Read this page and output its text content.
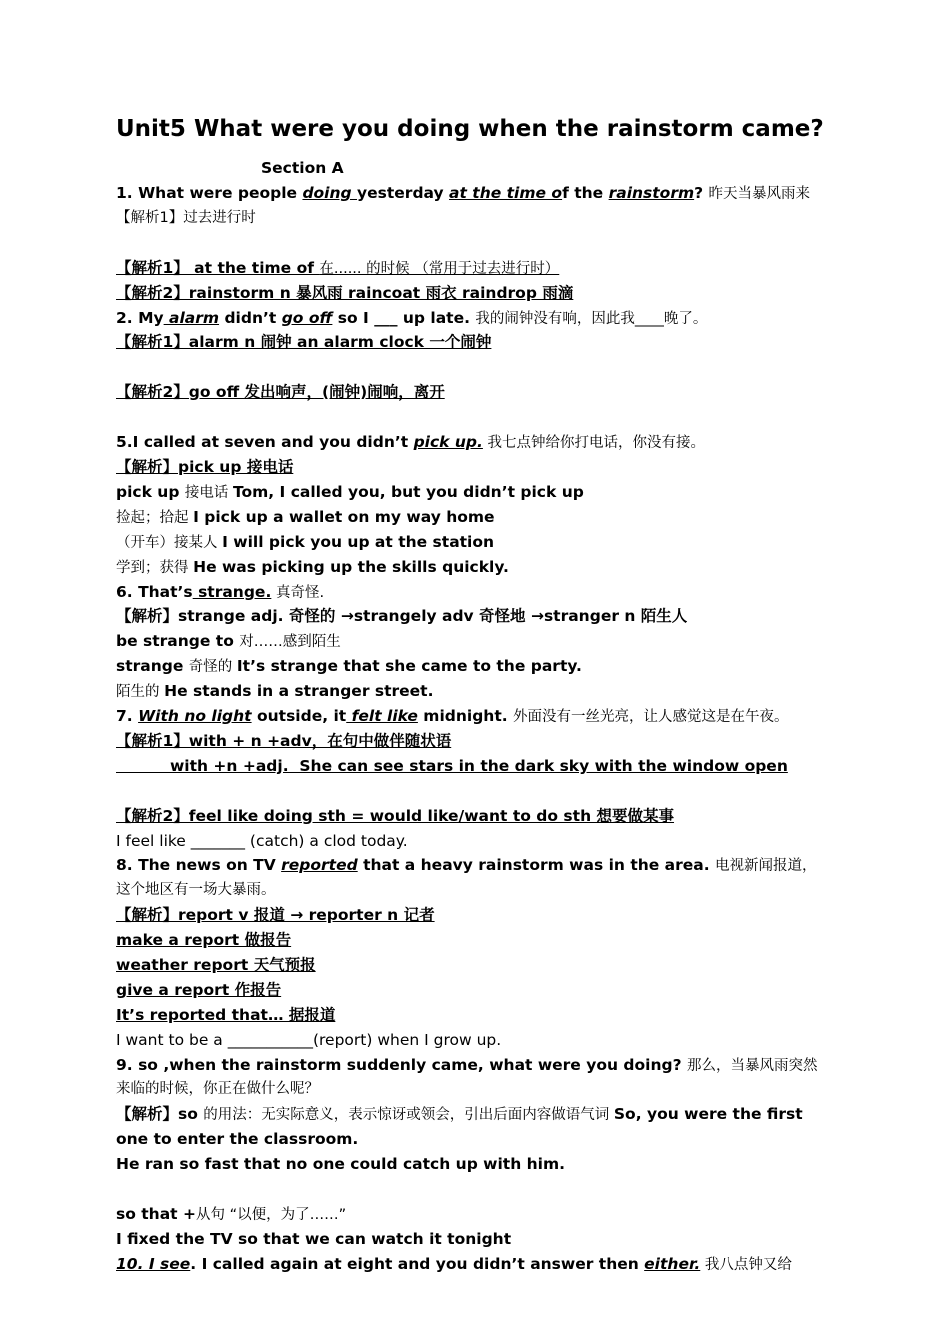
Unit5 What were you doing when the rainstorm came?
Section A
1. What were people doing yesterday at the time of the rainstorm? 昨天当暴风雨来
【解析1】过去进行时
【解析1】 at the time of 在...... 的时候 （常用于过去进行时）
【解析2】rainstorm n 暴风雨 raincoat 雨衣 raindrop 雨滴
2. My alarm didn’t go off so I ___ up late. 我的闹钟没有响，因此我____晚了。
【解析1】alarm n 闹钟 an alarm clock 一个闹钟
【解析2】go off 发出响声，(闹钟)闹响，离开
5.I called at seven and you didn’t pick up. 我七点钟给你打电话，你没有接。
【解析】pick up 接电话
pick up 接电话 Tom, I called you, but you didn’t pick up
捡起；拾起 I pick up a wallet on my way home
（开车）接某人 I will pick you up at the station
学到；获得 He was picking up the skills quickly.
6. That’s strange. 真奇怪.
【解析】strange adj. 奇怪的 →strangely adv 奇怪地 →stranger n 陌生人
be strange to 对……感到陌生
strange 奇怪的 It’s strange that she came to the party.
陌生的 He stands in a stranger street.
7. With no light outside, it felt like midnight. 外面没有一丝光亮，让人感觉这是在午夜。
【解析1】with + n +adv，在句中做伴随状语
with +n +adj.  She can see stars in the dark sky with the window open
【解析2】feel like doing sth = would like/want to do sth 想要做某事
I feel like _______ (catch) a clod today.
8. The news on TV reported that a heavy rainstorm was in the area. 电视新闻报道，
这个地区有一场大暴雨。
【解析】report v 报道 → reporter n 记者
make a report 做报告
weather report 天气预报
give a report 作报告
It’s reported that… 据报道
I want to be a ___________(report) when I grow up.
9. so ,when the rainstorm suddenly came, what were you doing? 那么，当暴风雨突然
来临的时候，你正在做什么呢？
【解析】so 的用法：无实际意义，表示惊讶或领会，引出后面内容做语气词 So, you were the first
one to enter the classroom.
He ran so fast that no one could catch up with him.
so that +从句 “以便，为了……”
I fixed the TV so that we can watch it tonight
10. I see. I called again at eight and you didn’t answer then either. 我八点钟又给
